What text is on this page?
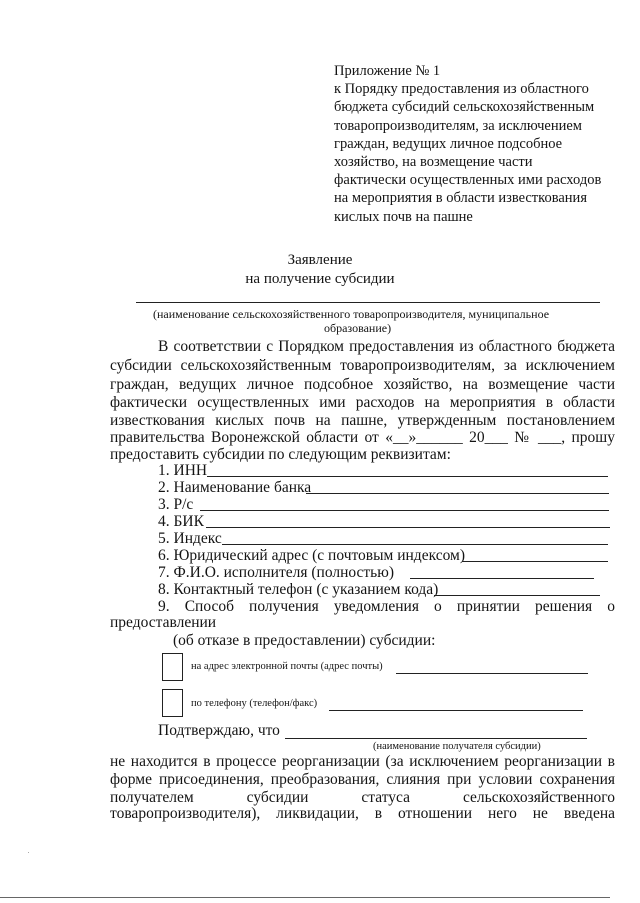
Приложение № 1
к Порядку предоставления из областного
бюджета субсидий сельскохозяйственным
товаропроизводителям, за исключением
граждан, ведущих личное подсобное
хозяйство, на возмещение части
фактически осуществленных ими расходов
на мероприятия в области известкования
кислых почв на пашне
Заявление
на получение субсидии
(наименование сельскохозяйственного товаропроизводителя, муниципальное
образование)
В соответствии с Порядком предоставления из областного бюджета
субсидии сельскохозяйственным товаропроизводителям, за исключением
граждан, ведущих личное подсобное хозяйство, на возмещение части
фактически осуществленных ими расходов на мероприятия в области
известкования кислых почв на пашне, утвержденным постановлением
правительства Воронежской области от «__»______ 20___ № ___, прошу
предоставить субсидии по следующим реквизитам:
1. ИНН
2. Наименование банка
3. Р/с
4. БИК
5. Индекс
6. Юридический адрес (с почтовым индексом)
7. Ф.И.О. исполнителя (полностью)
8. Контактный телефон (с указанием кода)
9. Способ получения уведомления о принятии решения о
предоставлении
(об отказе в предоставлении) субсидии:
на адрес электронной почты (адрес почты)
по телефону (телефон/факс)
Подтверждаю, что
(наименование получателя субсидии)
не находится в процессе реорганизации (за исключением реорганизации в
форме присоединения, преобразования, слияния при условии сохранения
получателем субсидии статуса сельскохозяйственного
товаропроизводителя), ликвидации, в отношении него не введена
